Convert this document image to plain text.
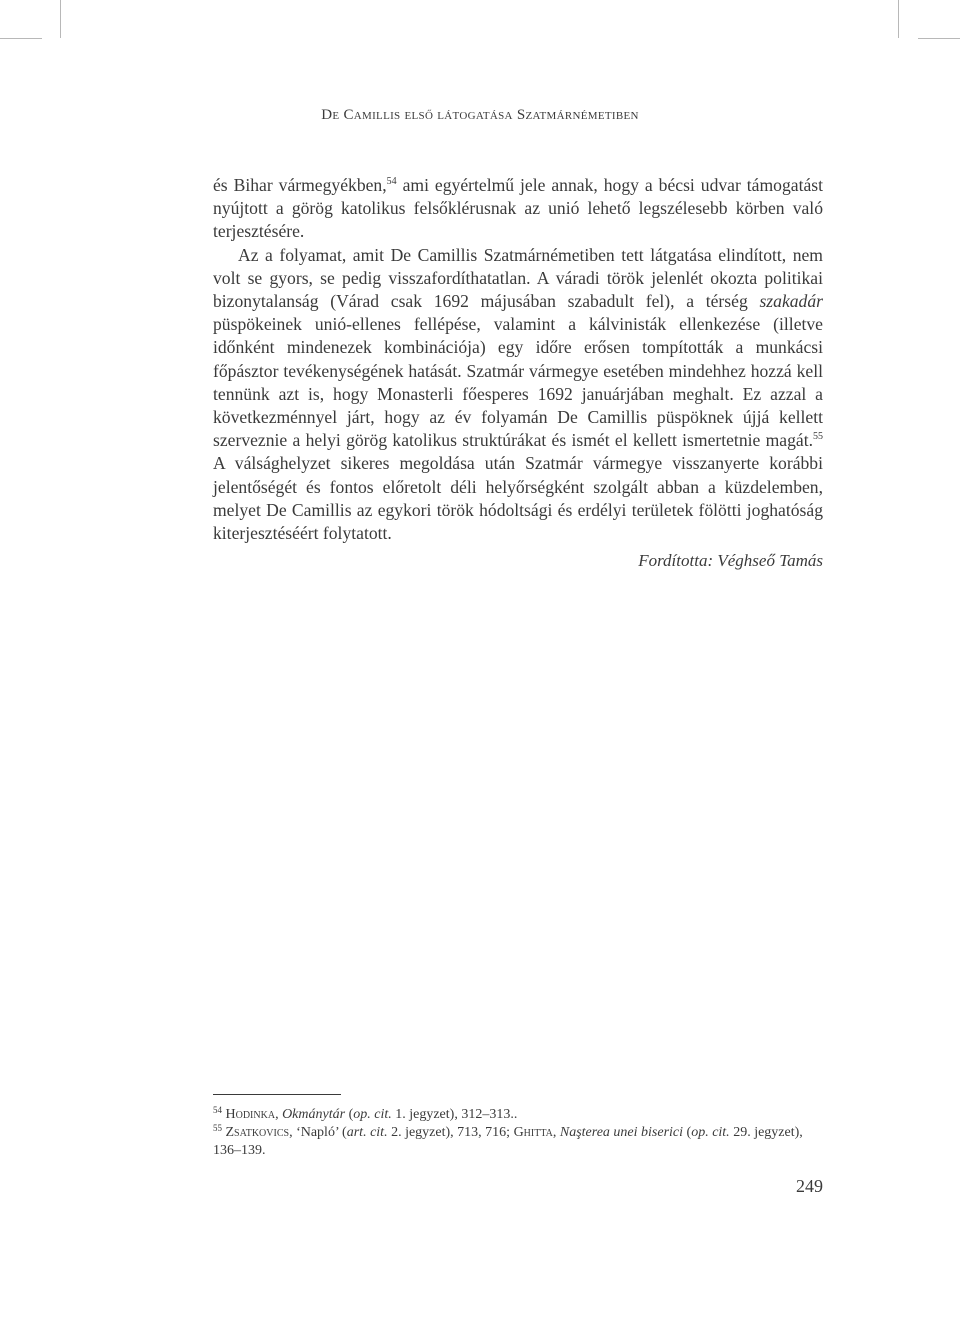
De Camillis első látogatása Szatmárnémetiben

és Bihar vármegyékben,$^{54}$ ami egyértelmű jele annak, hogy a bécsi udvar támogatást nyújtott a görög katolikus felsőklérusnak az unió lehető legszélesebb körben való terjesztésére.

Az a folyamat, amit De Camillis Szatmárnémetiben tett látgatása elindított, nem volt se gyors, se pedig visszafordíthatatlan. A váradi török jelenlét okozta politikai bizonytalanság (Várad csak 1692 májusában szabadult fel), a térség szakadár püspökeinek unió-ellenes fellépése, valamint a kálvinisták ellenkezése (illetve időnként mindenezek kombinációja) egy időre erősen tompították a munkácsi főpásztor tevékenységének hatását. Szatmár vármegye esetében mindehhez hozzá kell tennünk azt is, hogy Monasterli főesperes 1692 januárjában meghalt. Ez azzal a következménnyel járt, hogy az év folyamán De Camillis püspöknek újjá kellett szerveznie a helyi görög katolikus struktúrákat és ismét el kellett ismertetnie magát.$^{55}$ A válsághelyzet sikeres megoldása után Szatmár vármegye visszanyerte korábbi jelentőségét és fontos előretolt déli helyőrségként szolgált abban a küzdelemben, melyet De Camillis az egykori török hódoltsági és erdélyi területek fölötti joghatóság kiterjesztéséért folytatott.

Fordította: Véghseő Tamás

$^{54}$ Hodinka, Okmánytár (op. cit. 1. jegyzet), 312–313..

$^{55}$ Zsatkovics, ‘Napló’ (art. cit. 2. jegyzet), 713, 716; Ghitta, Naşterea unei biserici (op. cit. 29. jegyzet), 136–139.

249
